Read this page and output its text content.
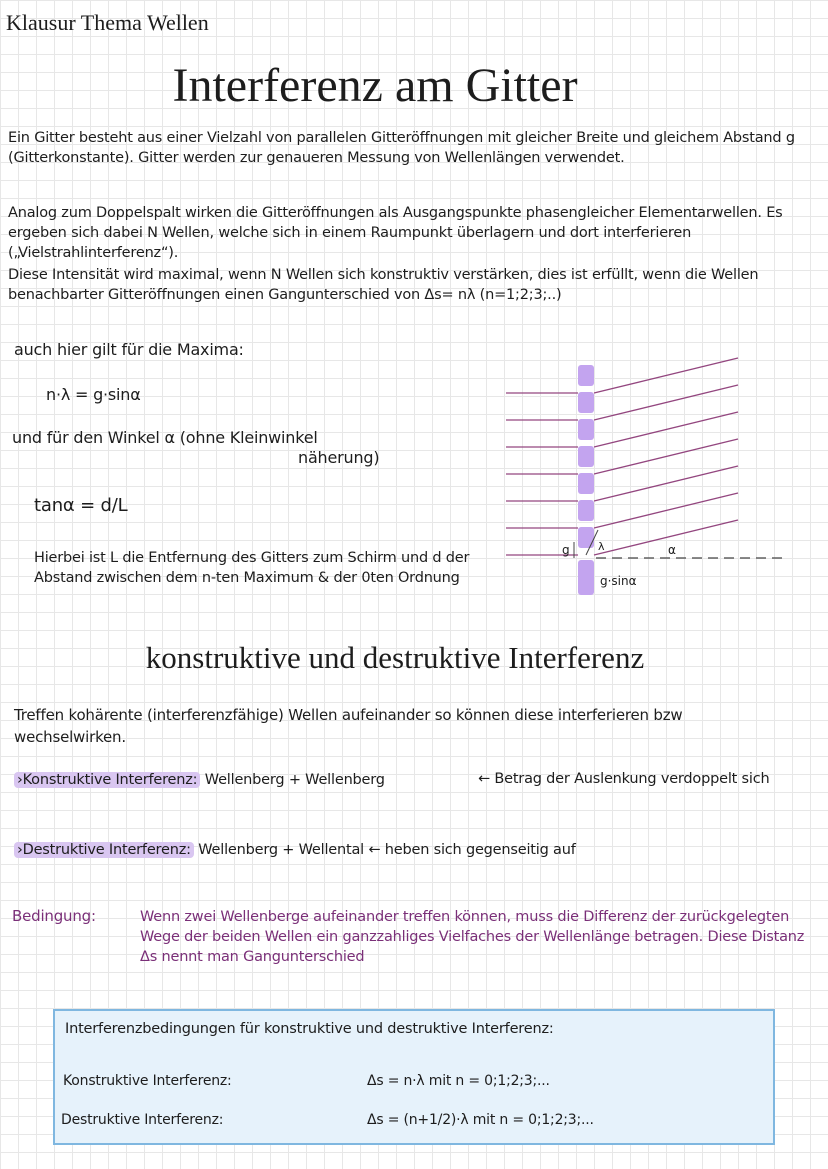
Klausur Thema Wellen
Interferenz am Gitter
Ein Gitter besteht aus einer Vielzahl von parallelen Gitteröffnungen mit gleicher Breite und gleichem Abstand g (Gitterkonstante). Gitter werden zur genaueren Messung von Wellenlängen verwendet.
Analog zum Doppelspalt wirken die Gitteröffnungen als Ausgangspunkte phasengleicher Elementarwellen. Es ergeben sich dabei N Wellen, welche sich in einem Raumpunkt überlagern und dort interferieren („Vielstrahlinterferenz“).
Diese Intensität wird maximal, wenn N Wellen sich konstruktiv verstärken, dies ist erfüllt, wenn die Wellen benachbarter Gitteröffnungen einen Gangunterschied von Δs= nλ (n=1;2;3;..)
auch hier gilt für die Maxima:
n·λ = g·sinα
und für den Winkel α (ohne Kleinwinkel
näherung)
tanα = d/L
Hierbei ist L die Entfernung des Gitters zum Schirm und d der Abstand zwischen dem n-ten Maximum & der 0ten Ordnung
g	λ	α
g·sinα
konstruktive und destruktive Interferenz
Treffen kohärente (interferenzfähige) Wellen aufeinander so können diese interferieren bzw wechselwirken.
›Konstruktive Interferenz: Wellenberg + Wellenberg	← Betrag der Auslenkung verdoppelt sich
›Destruktive Interferenz: Wellenberg + Wellental ← heben sich gegenseitig auf
Bedingung:	Wenn zwei Wellenberge aufeinander treffen können, muss die Differenz der zurückgelegten Wege der beiden Wellen ein ganzzahliges Vielfaches der Wellenlänge betragen. Diese Distanz Δs nennt man Gangunterschied
Interferenzbedingungen für konstruktive und destruktive Interferenz:
Konstruktive Interferenz:	Δs = n·λ mit n = 0;1;2;3;...
Destruktive Interferenz:	Δs = (n+1/2)·λ mit n = 0;1;2;3;...
